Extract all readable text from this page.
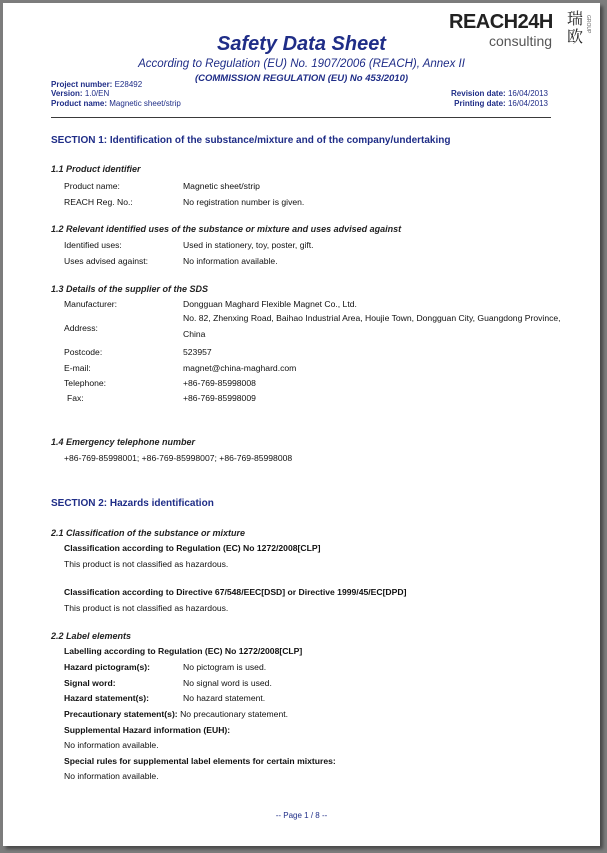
REACH24H
consulting
瑞欧
GROUP
Safety Data Sheet
According to Regulation (EU) No. 1907/2006 (REACH), Annex II
(COMMISSION REGULATION (EU) No 453/2010)
Project number: E28492
Version: 1.0/EN
Product name: Magnetic sheet/strip
Revision date: 16/04/2013
Printing date: 16/04/2013
SECTION 1: Identification of the substance/mixture and of the company/undertaking
1.1 Product identifier
Product name:	Magnetic sheet/strip
REACH Reg. No.:	No registration number is given.
1.2 Relevant identified uses of the substance or mixture and uses advised against
Identified uses:	Used in stationery, toy, poster, gift.
Uses advised against:	No information available.
1.3 Details of the supplier of the SDS
Manufacturer:	Dongguan Maghard Flexible Magnet Co., Ltd.
Address:
No. 82, Zhenxing Road, Baihao Industrial Area, Houjie Town, Dongguan City, Guangdong Province, China
Postcode:	523957
E-mail:	magnet@china-maghard.com
Telephone:	+86-769-85998008
Fax:	+86-769-85998009
1.4 Emergency telephone number
+86-769-85998001; +86-769-85998007; +86-769-85998008
SECTION 2: Hazards identification
2.1 Classification of the substance or mixture
Classification according to Regulation (EC) No 1272/2008[CLP]
This product is not classified as hazardous.
Classification according to Directive 67/548/EEC[DSD] or Directive 1999/45/EC[DPD]
This product is not classified as hazardous.
2.2 Label elements
Labelling according to Regulation (EC) No 1272/2008[CLP]
Hazard pictogram(s):	No pictogram is used.
Signal word:	No signal word is used.
Hazard statement(s):	No hazard statement.
Precautionary statement(s): No precautionary statement.
Supplemental Hazard information (EUH):
No information available.
Special rules for supplemental label elements for certain mixtures:
No information available.
-- Page 1 / 8 --
